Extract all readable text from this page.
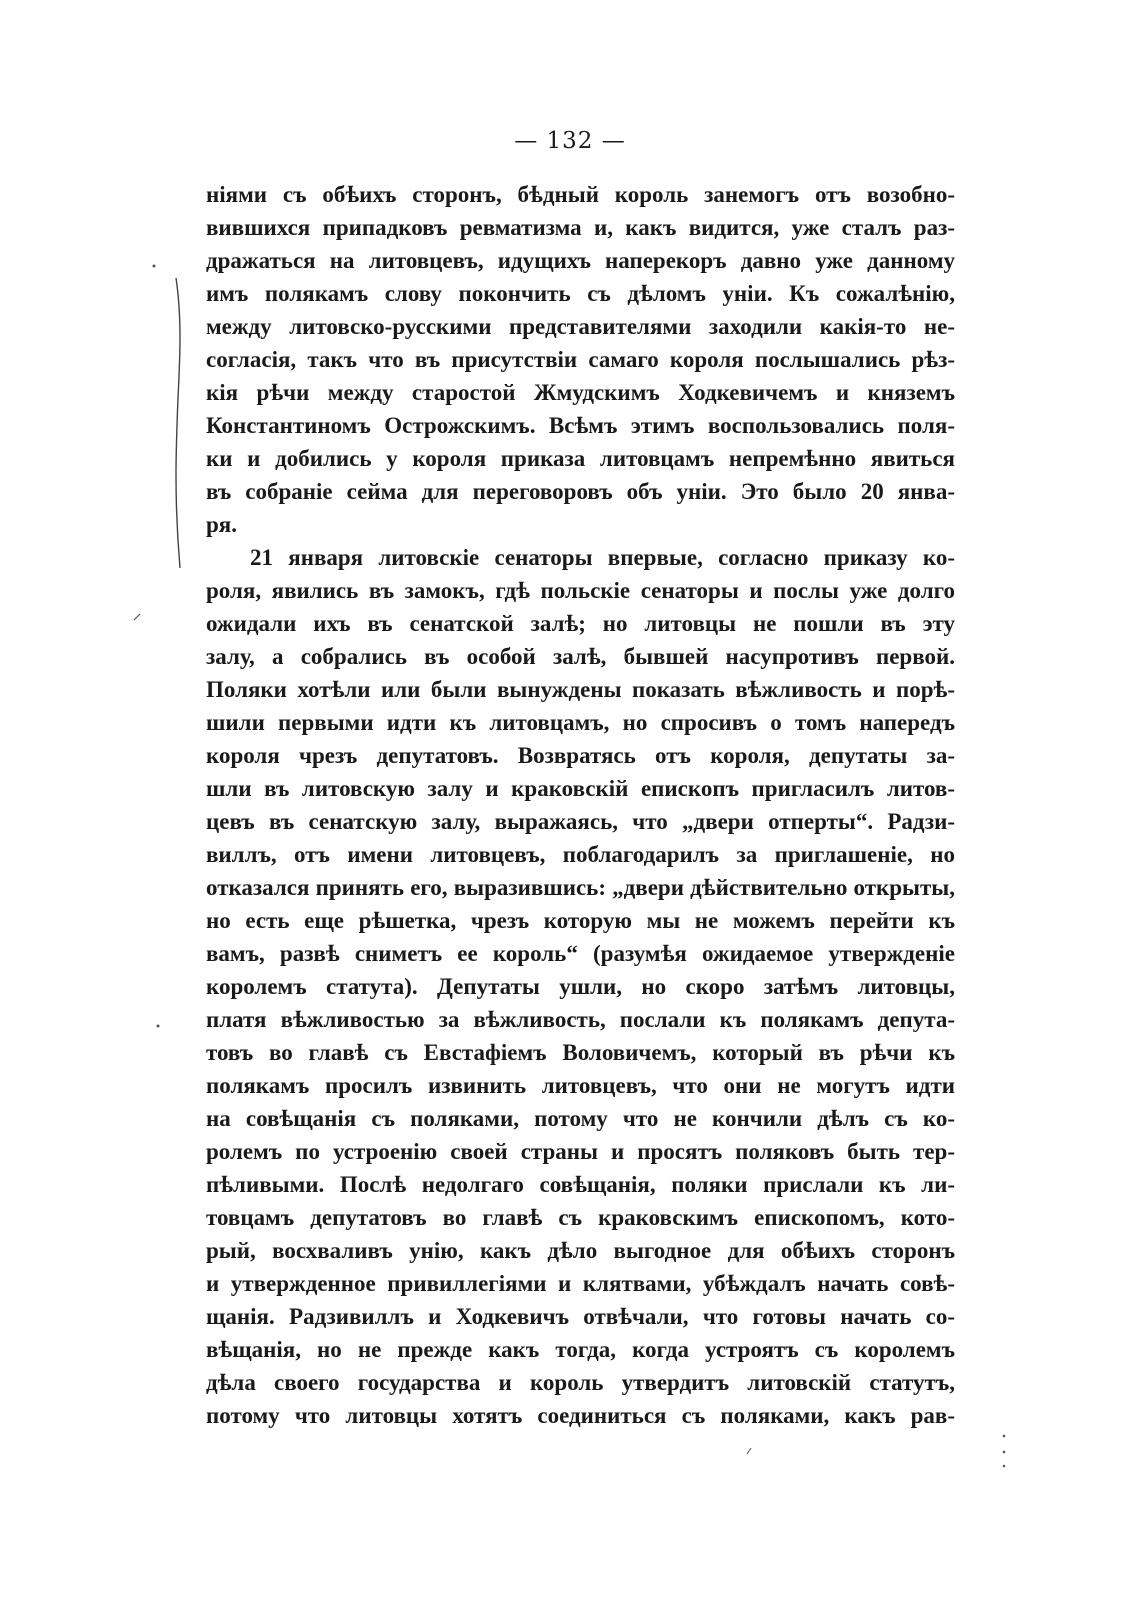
— 132 —
ніями съ обѣихъ сторонъ, бѣдный король занемогъ отъ возобно-
вившихся припадковъ ревматизма и, какъ видится, уже сталъ раз-
дражаться на литовцевъ, идущихъ наперекоръ давно уже данному
имъ полякамъ слову покончить съ дѣломъ уніи. Къ сожалѣнію,
между литовско-русскими представителями заходили какія-то не-
согласія, такъ что въ присутствіи самаго короля послышались рѣз-
кія рѣчи между старостой Жмудскимъ Ходкевичемъ и княземъ
Константиномъ Острожскимъ. Всѣмъ этимъ воспользовались поля-
ки и добились у короля приказа литовцамъ непремѣнно явиться
въ собраніе сейма для переговоровъ объ уніи. Это было 20 янва-
ря.
21 января литовскіе сенаторы впервые, согласно приказу ко-
роля, явились въ замокъ, гдѣ польскіе сенаторы и послы уже долго
ожидали ихъ въ сенатской залѣ; но литовцы не пошли въ эту
залу, а собрались въ особой залѣ, бывшей насупротивъ первой.
Поляки хотѣли или были вынуждены показать вѣжливость и порѣ-
шили первыми идти къ литовцамъ, но спросивъ о томъ напередъ
короля чрезъ депутатовъ. Возвратясь отъ короля, депутаты за-
шли въ литовскую залу и краковскій епископъ пригласилъ литов-
цевъ въ сенатскую залу, выражаясь, что „двери отперты“. Радзи-
виллъ, отъ имени литовцевъ, поблагодарилъ за приглашеніе, но
отказался принять его, выразившись: „двери дѣйствительно открыты,
но есть еще рѣшетка, чрезъ которую мы не можемъ перейти къ
вамъ, развѣ сниметъ ее король“ (разумѣя ожидаемое утвержденіе
королемъ статута). Депутаты ушли, но скоро затѣмъ литовцы,
платя вѣжливостью за вѣжливость, послали къ полякамъ депута-
товъ во главѣ съ Евстафіемъ Воловичемъ, который въ рѣчи къ
полякамъ просилъ извинить литовцевъ, что они не могутъ идти
на совѣщанія съ поляками, потому что не кончили дѣлъ съ ко-
ролемъ по устроенію своей страны и просятъ поляковъ быть тер-
пѣливыми. Послѣ недолгаго совѣщанія, поляки прислали къ ли-
товцамъ депутатовъ во главѣ съ краковскимъ епископомъ, кото-
рый, восхваливъ унію, какъ дѣло выгодное для обѣихъ сторонъ
и утвержденное привиллегіями и клятвами, убѣждалъ начать совѣ-
щанія. Радзивиллъ и Ходкевичъ отвѣчали, что готовы начать со-
вѣщанія, но не прежде какъ тогда, когда устроятъ съ королемъ
дѣла своего государства и король утвердитъ литовскій статутъ,
потому что литовцы хотятъ соединиться съ поляками, какъ рав-
